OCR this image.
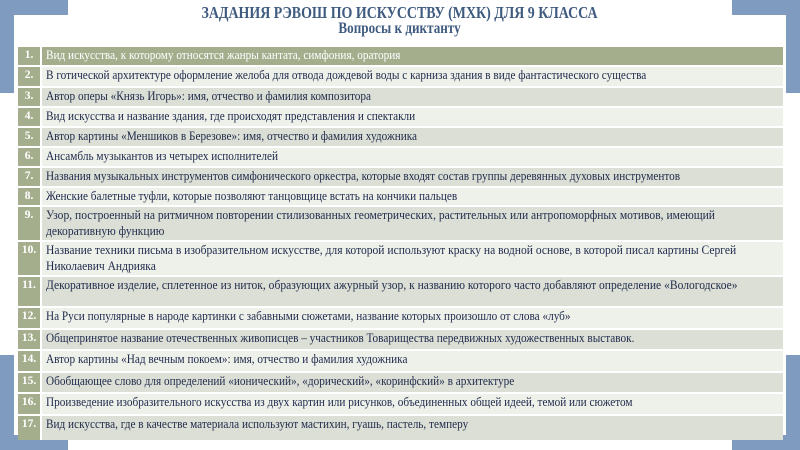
ЗАДАНИЯ РЭВОШ ПО ИСКУССТВУ (МХК) ДЛЯ 9 КЛАССА
Вопросы к диктанту
1.	Вид искусства, к которому относятся жанры кантата, симфония, оратория
2.	В готической архитектуре оформление желоба для отвода дождевой воды с карниза здания в виде фантастического существа
3.	Автор оперы «Князь Игорь»: имя, отчество и фамилия композитора
4.	Вид искусства и название здания, где происходят представления и спектакли
5.	Автор картины «Меншиков в Березове»: имя, отчество и фамилия художника
6.	Ансамбль музыкантов из четырех исполнителей
7.	Названия музыкальных инструментов симфонического оркестра, которые входят состав группы деревянных духовых инструментов
8.	Женские балетные туфли, которые позволяют танцовщице встать на кончики пальцев
9.	Узор, построенный на ритмичном повторении стилизованных геометрических, растительных или антропоморфных мотивов, имеющий декоративную функцию

10.	Название техники письма в изобразительном искусстве, для которой используют краску на водной основе, в которой писал картины Сергей Николаевич Андрияка

11.	Декоративное изделие, сплетенное из ниток, образующих ажурный узор, к названию которого часто добавляют определение «Вологодское»

12.	На Руси популярные в народе картинки с забавными сюжетами, название которых произошло от слова «луб»
13.	Общепринятое название отечественных живописцев – участников Товарищества передвижных художественных выставок.
14.	Автор картины «Над вечным покоем»: имя, отчество и фамилия художника
15.	Обобщающее слово для определений «ионический», «дорический», «коринфский» в архитектуре
16.	Произведение изобразительного искусства из двух картин или рисунков, объединенных общей идеей, темой или сюжетом
17.	Вид искусства, где в качестве материала используют мастихин, гуашь, пастель, темперу
